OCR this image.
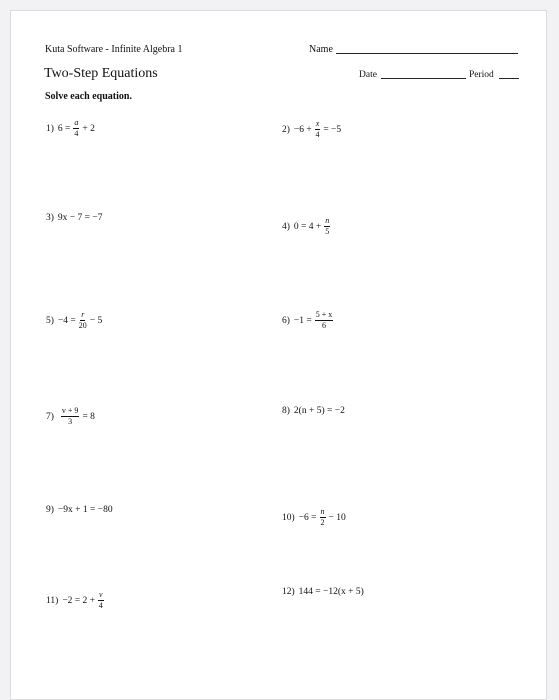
Kuta Software - Infinite Algebra 1	Name
Two-Step Equations	Date	Period
Solve each equation.
1) $6 = \frac{a}{4} + 2$	$2) -6 + \frac{x}{4} = -5$
3) 9x − 7 = −7
4) $0 = 4 + \frac{n}{5}$
$5) -4 = \frac{r}{20} - 5$	$6) -1 = \frac{5 + x}{6}$
$7) \frac{v + 9}{3} = 8$
8) 2(n + 5) = −2
9) −9x + 1 = −80
$10) -6 = \frac{n}{2} - 10$
$11) -2 = 2 + \frac{v}{4}$	12) 144 = −12(x + 5)
